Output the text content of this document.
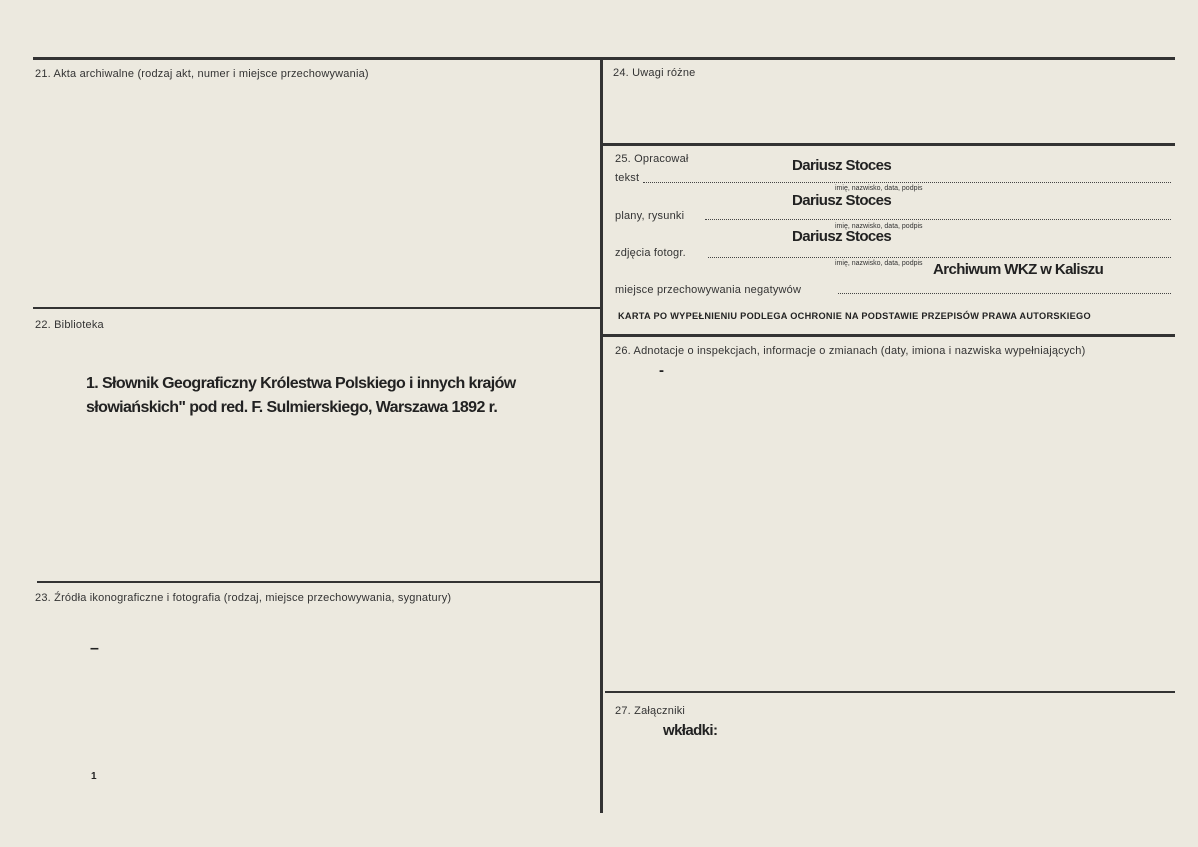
21. Akta archiwalne (rodzaj akt, numer i miejsce przechowywania)
22. Biblioteka
1. Słownik Geograficzny Królestwa Polskiego i innych krajów
słowiańskich" pod red. F. Sulmierskiego, Warszawa 1892 r.
23. Źródła ikonograficzne i fotografia (rodzaj, miejsce przechowywania, sygnatury)
–
1
24. Uwagi różne
25. Opracował	Dariusz Stoces
tekst
imię, nazwisko, data, podpis
Dariusz Stoces
plany, rysunki
imię, nazwisko, data, podpis
Dariusz Stoces
zdjęcia fotogr.
imię, nazwisko, data, podpis Archiwum WKZ w Kaliszu
miejsce przechowywania negatywów
KARTA PO WYPEŁNIENIU PODLEGA OCHRONIE NA PODSTAWIE PRZEPISÓW PRAWA AUTORSKIEGO
26. Adnotacje o inspekcjach, informacje o zmianach (daty, imiona i nazwiska wypełniających)
-
27. Załączniki
wkładki:
